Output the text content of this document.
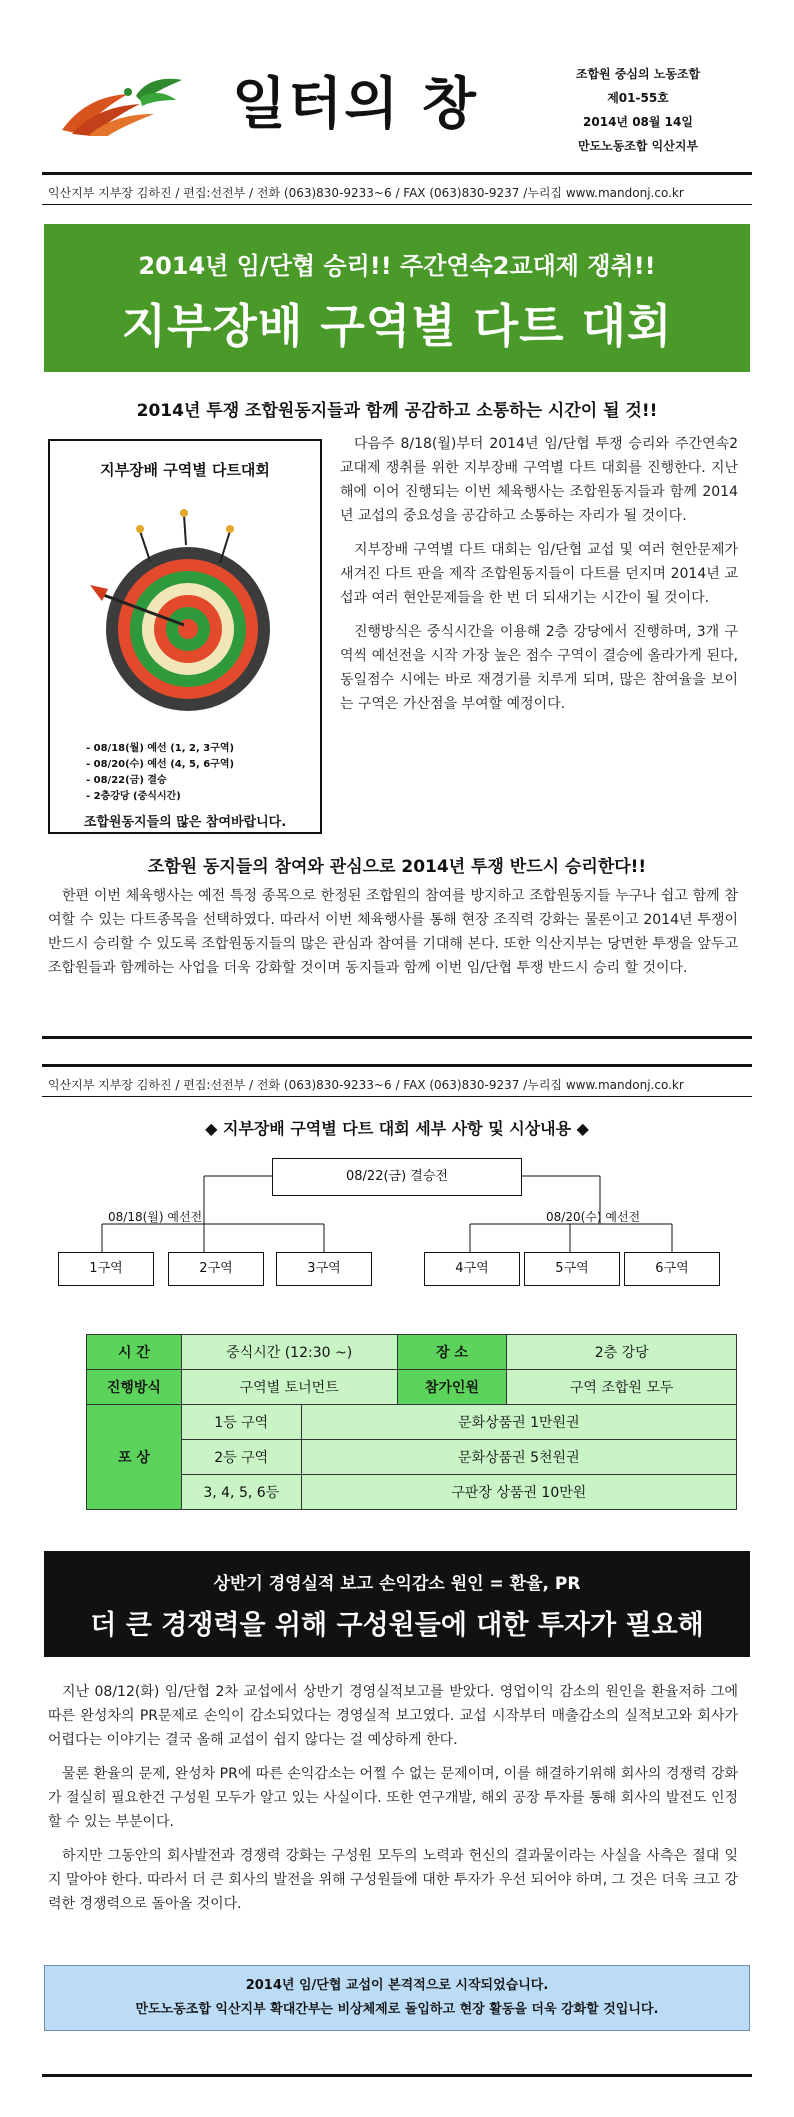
일터의 창	조합원 중심의 노동조합
제01-55호
2014년 08월 14일
만도노동조합 익산지부
익산지부 지부장 김하진 / 편집:선전부 / 전화 (063)830-9233~6 / FAX (063)830-9237 /누리집 www.mandonj.co.kr
2014년 임/단협 승리!! 주간연속2교대제 쟁취!!
지부장배 구역별 다트 대회
2014년 투쟁 조합원동지들과 함께 공감하고 소통하는 시간이 될 것!!
지부장배 구역별 다트대회
- 08/18(월) 예선 (1, 2, 3구역)
- 08/20(수) 예선 (4, 5, 6구역)
- 08/22(금) 결승
- 2층강당 (중식시간)
조합원동지들의 많은 참여바랍니다.

다음주 8/18(월)부터 2014년 임/단협 투쟁 승리와 주간연속2교대제 쟁취를 위한 지부장배 구역별 다트 대회를 진행한다. 지난해에 이어 진행되는 이번 체육행사는 조합원동지들과 함께 2014년 교섭의 중요성을 공감하고 소통하는 자리가 될 것이다.

지부장배 구역별 다트 대회는 임/단협 교섭 및 여러 현안문제가 새겨진 다트 판을 제작 조합원동지들이 다트를 던지며 2014년 교섭과 여러 현안문제들을 한 번 더 되새기는 시간이 될 것이다.

진행방식은 중식시간을 이용해 2층 강당에서 진행하며, 3개 구역씩 예선전을 시작 가장 높은 점수 구역이 결승에 올라가게 된다, 동일점수 시에는 바로 재경기를 치루게 되며, 많은 참여율을 보이는 구역은 가산점을 부여할 예정이다.

조함원 동지들의 참여와 관심으로 2014년 투쟁 반드시 승리한다!!

한편 이번 체육행사는 예전 특정 종목으로 한정된 조합원의 참여를 방지하고 조합원동지들 누구나 쉽고 함께 참여할 수 있는 다트종목을 선택하였다. 따라서 이번 체육행사를 통해 현장 조직력 강화는 물론이고 2014년 투쟁이 반드시 승리할 수 있도록 조합원동지들의 많은 관심과 참여를 기대해 본다. 또한 익산지부는 당면한 투쟁을 앞두고 조합원들과 함께하는 사업을 더욱 강화할 것이며 동지들과 함께 이번 임/단협 투쟁 반드시 승리 할 것이다.

익산지부 지부장 김하진 / 편집:선전부 / 전화 (063)830-9233~6 / FAX (063)830-9237 /누리집 www.mandonj.co.kr
◆ 지부장배 구역별 다트 대회 세부 사항 및 시상내용 ◆
08/22(금) 결승전
08/18(월) 예선전	08/20(수) 예선전
1구역	2구역	3구역	4구역	5구역	6구역
시 간	중식시간 (12:30 ~)		장 소	2층 강당
진행방식	구역별 토너먼트		참가인원	구역 조합원 모두
포 상	1등 구역	문화상품권 1만원권		
	2등 구역	문화상품권 5천원권		
	3, 4, 5, 6등	구판장 상품권 10만원		
상반기 경영실적 보고 손익감소 원인 = 환율, PR
더 큰 경쟁력을 위해 구성원들에 대한 투자가 필요해

지난 08/12(화) 임/단협 2차 교섭에서 상반기 경영실적보고를 받았다. 영업이익 감소의 원인을 환율저하 그에 따른 완성차의 PR문제로 손익이 감소되었다는 경영실적 보고였다. 교섭 시작부터 매출감소의 실적보고와 회사가 어렵다는 이야기는 결국 올해 교섭이 쉽지 않다는 걸 예상하게 한다.

물론 환율의 문제, 완성차 PR에 따른 손익감소는 어쩔 수 없는 문제이며, 이를 해결하기위해 회사의 경쟁력 강화가 절실히 필요한건 구성원 모두가 알고 있는 사실이다. 또한 연구개발, 해외 공장 투자를 통해 회사의 발전도 인정할 수 있는 부분이다.

하지만 그동안의 회사발전과 경쟁력 강화는 구성원 모두의 노력과 헌신의 결과물이라는 사실을 사측은 절대 잊지 말아야 한다. 따라서 더 큰 회사의 발전을 위해 구성원들에 대한 투자가 우선 되어야 하며, 그 것은 더욱 크고 강력한 경쟁력으로 돌아올 것이다.

2014년 임/단협 교섭이 본격적으로 시작되었습니다.
만도노동조합 익산지부 확대간부는 비상체제로 돌입하고 현장 활동을 더욱 강화할 것입니다.
